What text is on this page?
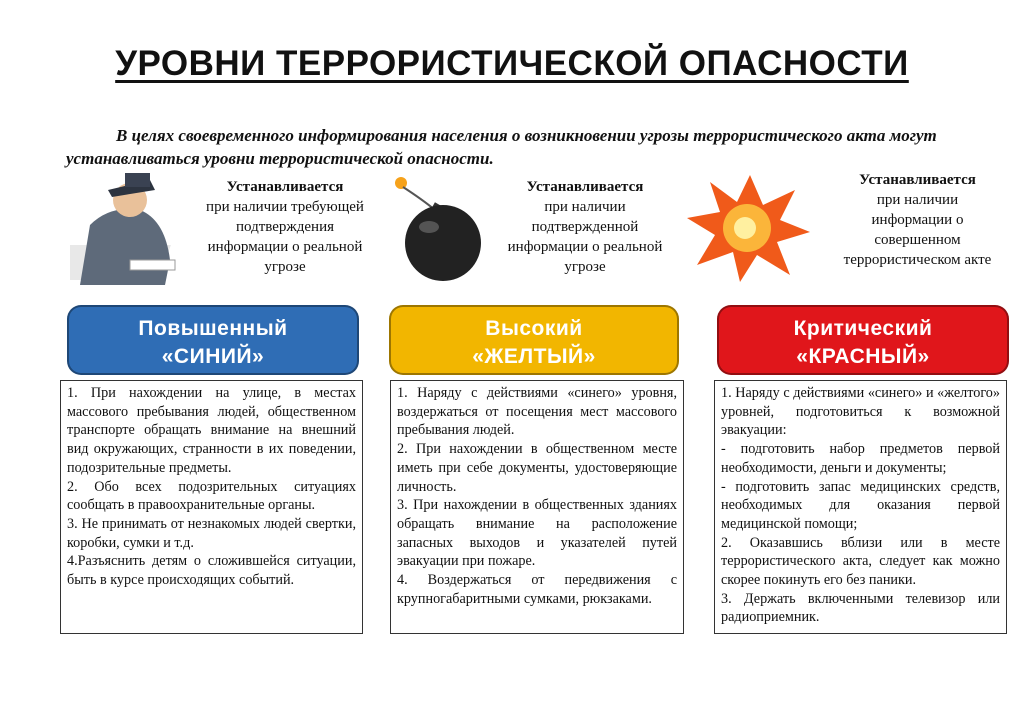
УРОВНИ ТЕРРОРИСТИЧЕСКОЙ ОПАСНОСТИ
В целях своевременного информирования населения о возникновении угрозы террористического акта могут устанавливаться уровни террористической опасности.
Устанавливается
при наличии требующей подтверждения информации о реальной угрозе
Устанавливается
при наличии подтвержденной информации о реальной угрозе
Устанавливается
при наличии информации о совершенном террористическом акте
Повышенный
«СИНИЙ»
Высокий
«ЖЕЛТЫЙ»
Критический
«КРАСНЫЙ»

1. При нахождении на улице, в местах массового пребывания людей, общественном транспорте обращать внимание на внешний вид окружающих, странности в их поведении, подозрительные предметы.

2. Обо всех подозрительных ситуациях сообщать в правоохранительные органы.

3. Не принимать от незнакомых людей свертки, коробки, сумки и т.д.

4.Разъяснить детям о сложившейся ситуации, быть в курсе происходящих событий.

1. Наряду с действиями «синего» уровня, воздержаться от посещения мест массового пребывания людей.

2. При нахождении в общественном месте иметь при себе документы, удостоверяющие личность.

3. При нахождении в общественных зданиях обращать внимание на расположение запасных выходов и указателей путей эвакуации при пожаре.

4. Воздержаться от передвижения с крупногабаритными сумками, рюкзаками.

1. Наряду с действиями «синего» и «желтого» уровней, подготовиться к возможной эвакуации:

- подготовить набор предметов первой необходимости, деньги и документы;

- подготовить запас медицинских средств, необходимых для оказания первой медицинской помощи;

2. Оказавшись вблизи или в месте террористического акта, следует как можно скорее покинуть его без паники.

3. Держать включенными телевизор или радиоприемник.
